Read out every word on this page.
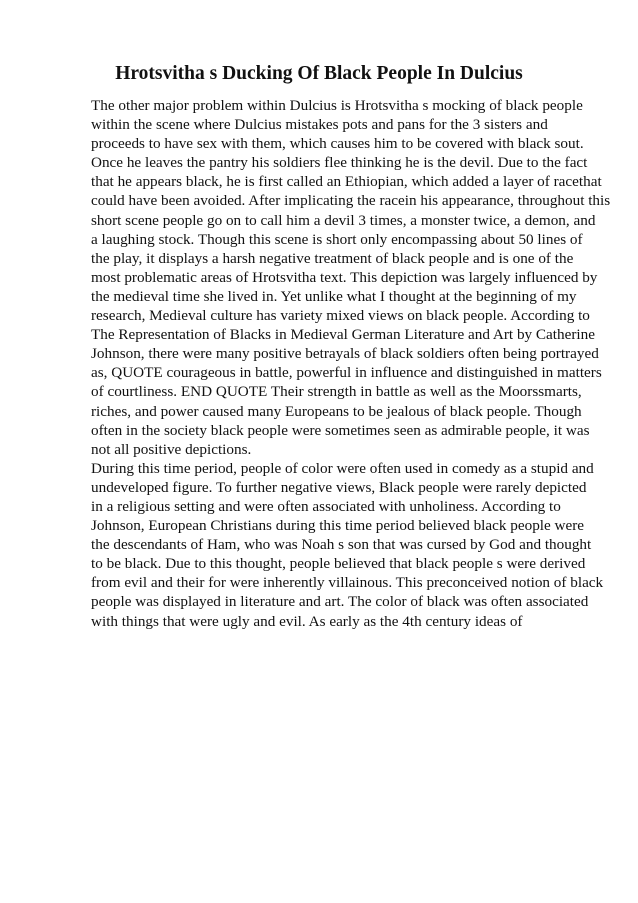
Hrotsvitha s Ducking Of Black People In Dulcius
The other major problem within Dulcius is Hrotsvitha s mocking of black people
within the scene where Dulcius mistakes pots and pans for the 3 sisters and
proceeds to have sex with them, which causes him to be covered with black sout.
Once he leaves the pantry his soldiers flee thinking he is the devil. Due to the fact
that he appears black, he is first called an Ethiopian, which added a layer of racethat
could have been avoided. After implicating the racein his appearance, throughout this
short scene people go on to call him a devil 3 times, a monster twice, a demon, and
a laughing stock. Though this scene is short only encompassing about 50 lines of
the play, it displays a harsh negative treatment of black people and is one of the
most problematic areas of Hrotsvitha text. This depiction was largely influenced by
the medieval time she lived in. Yet unlike what I thought at the beginning of my
research, Medieval culture has variety mixed views on black people. According to
The Representation of Blacks in Medieval German Literature and Art by Catherine
Johnson, there were many positive betrayals of black soldiers often being portrayed
as, QUOTE courageous in battle, powerful in influence and distinguished in matters
of courtliness. END QUOTE Their strength in battle as well as the Moorssmarts,
riches, and power caused many Europeans to be jealous of black people. Though
often in the society black people were sometimes seen as admirable people, it was
not all positive depictions.
During this time period, people of color were often used in comedy as a stupid and
undeveloped figure. To further negative views, Black people were rarely depicted
in a religious setting and were often associated with unholiness. According to
Johnson, European Christians during this time period believed black people were
the descendants of Ham, who was Noah s son that was cursed by God and thought
to be black. Due to this thought, people believed that black people s were derived
from evil and their for were inherently villainous. This preconceived notion of black
people was displayed in literature and art. The color of black was often associated
with things that were ugly and evil. As early as the 4th century ideas of
